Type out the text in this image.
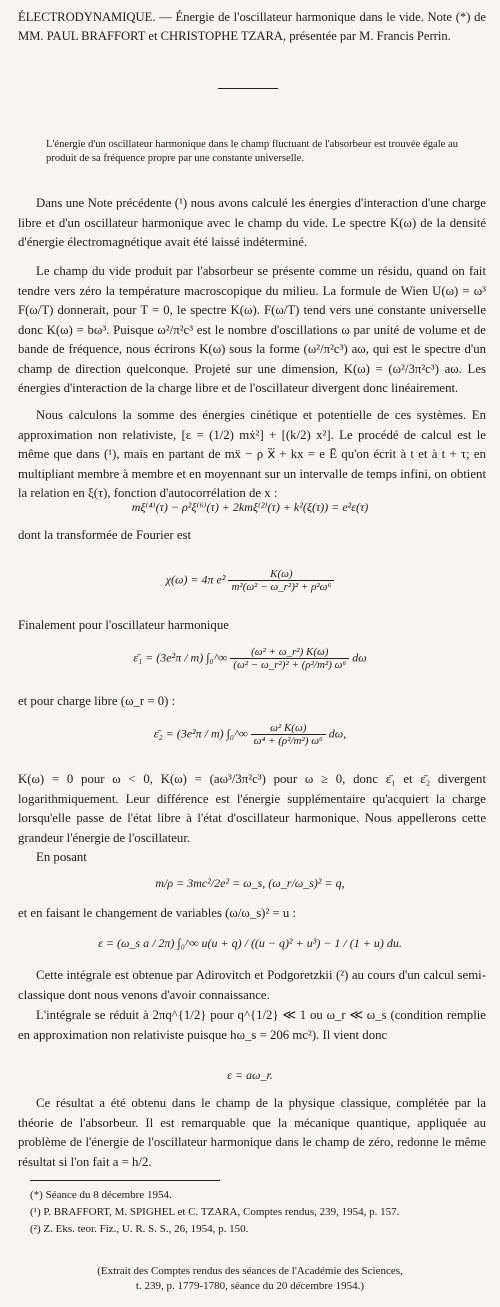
ÉLECTRODYNAMIQUE. — Énergie de l'oscillateur harmonique dans le vide. Note (*) de MM. PAUL BRAFFORT et CHRISTOPHE TZARA, présentée par M. Francis Perrin.
L'énergie d'un oscillateur harmonique dans le champ fluctuant de l'absorbeur est trouvée égale au produit de sa fréquence propre par une constante universelle.
Dans une Note précédente (¹) nous avons calculé les énergies d'interaction d'une charge libre et d'un oscillateur harmonique avec le champ du vide. Le spectre K(ω) de la densité d'énergie électromagnétique avait été laissé indéterminé.
Le champ du vide produit par l'absorbeur se présente comme un résidu, quand on fait tendre vers zéro la température macroscopique du milieu. La formule de Wien U(ω) = ω³ F(ω/T) donnerait, pour T = 0, le spectre K(ω). F(ω/T) tend vers une constante universelle donc K(ω) = bω³. Puisque ω²/π²c³ est le nombre d'oscillations ω par unité de volume et de bande de fréquence, nous écrirons K(ω) sous la forme (ω²/π²c³) aω, qui est le spectre d'un champ de direction quelconque. Projeté sur une dimension, K(ω) = (ω²/3π²c³) aω. Les énergies d'interaction de la charge libre et de l'oscillateur divergent donc linéairement.
Nous calculons la somme des énergies cinétique et potentielle de ces systèmes. En approximation non relativiste, [ε = (1/2) mẋ²] + [(k/2) x²]. Le procédé de calcul est le même que dans (¹), mais en partant de mẍ − ρ x⃛ + kx = e Ē qu'on écrit à t et à t + τ; en multipliant membre à membre et en moyennant sur un intervalle de temps infini, on obtient la relation en ξ(τ), fonction d'autocorrélation de x :
mξ⁽⁴⁾(τ) − ρ²ξ⁽⁶⁾(τ) + 2kmξ⁽²⁾(τ) + k²(ξ(τ)) = e²ε(τ)
dont la transformée de Fourier est
χ(ω) = 4π $e^2 \frac{K(\omega)}{\text{m²(ω² − ω\_r²)² + ρ²ω⁶}}$
Finalement pour l'oscillateur harmonique
ε̄₁ = (3e²π / m) ∫₀^∞ $\frac{\text{(ω² + ω\_r²) K(ω)}}{\text{(ω² − ω\_r²)² + (ρ²/m²) ω⁶}}$ dω
et pour charge libre (ω_r = 0) :
ε̄₂ = (3e²π / m) ∫₀^∞ $\frac{\text{ω² K(ω)}}{\text{ω⁴ + (ρ²/m²) ω⁶}} d\omega$,
K(ω) = 0 pour ω < 0, K(ω) = (aω³/3π²c³) pour ω ≥ 0, donc ε̄₁ et ε̄₂ divergent logarithmiquement. Leur différence est l'énergie supplémentaire qu'acquiert la charge lorsqu'elle passe de l'état libre à l'état d'oscillateur harmonique. Nous appellerons cette grandeur l'énergie de l'oscillateur.
En posant
m/ρ = 3mc²/2e² = ω_s, (ω_r/ω_s)² = q,
et en faisant le changement de variables (ω/ω_s)² = u :
ε = (ω_s a / 2π) ∫₀^∞ u(u + q) / ((u − q)² + u³) − 1 / (1 + u) du.
Cette intégrale est obtenue par Adirovitch et Podgoretzkii (²) au cours d'un calcul semi-classique dont nous venons d'avoir connaissance.
L'intégrale se réduit à 2πq^{1/2} pour q^{1/2} ≪ 1 ou ω_r ≪ ω_s (condition remplie en approximation non relativiste puisque hω_s = 206 mc²). Il vient donc
ε = aω_r.
Ce résultat a été obtenu dans le champ de la physique classique, complétée par la théorie de l'absorbeur. Il est remarquable que la mécanique quantique, appliquée au problème de l'énergie de l'oscillateur harmonique dans le champ de zéro, redonne le même résultat si l'on fait a = h/2.
(*) Séance du 8 décembre 1954.
(¹) P. BRAFFORT, M. SPIGHEL et C. TZARA, Comptes rendus, 239, 1954, p. 157.
(²) Z. Eks. teor. Fiz., U. R. S. S., 26, 1954, p. 150.
(Extrait des Comptes rendus des séances de l'Académie des Sciences,
t. 239, p. 1779-1780, séance du 20 décembre 1954.)
